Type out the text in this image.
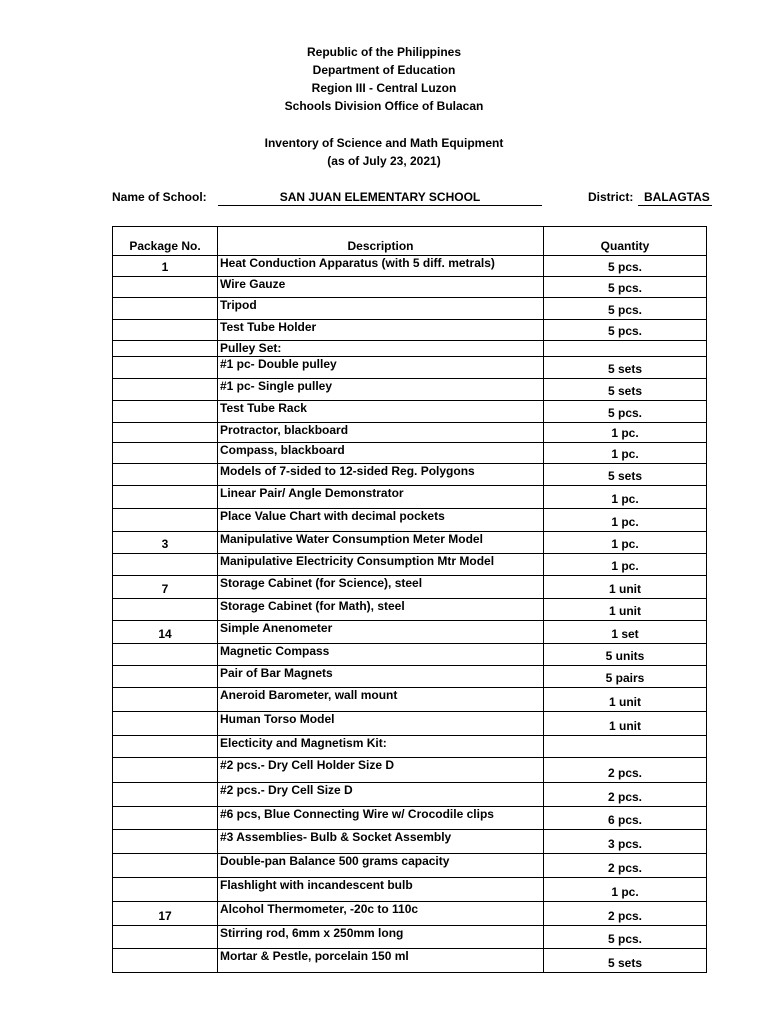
Republic of the Philippines
Department of Education
Region III - Central Luzon
Schools Division Office of Bulacan
Inventory of Science and Math Equipment
(as of July 23, 2021)
Name of School:	SAN JUAN ELEMENTARY SCHOOL	District: BALAGTAS
Package No.	Description	Quantity
1	Heat Conduction Apparatus (with 5 diff. metrals)	5 pcs.
	Wire Gauze	5 pcs.
	Tripod	5 pcs.
	Test Tube Holder	5 pcs.
	Pulley Set:	
	#1 pc- Double pulley	5 sets
	#1 pc- Single pulley	5 sets
	Test Tube Rack	5 pcs.
	Protractor, blackboard	1 pc.
	Compass, blackboard	1 pc.
	Models of 7-sided to 12-sided Reg. Polygons	5 sets
	Linear Pair/ Angle Demonstrator	1 pc.
	Place Value Chart with decimal pockets	1 pc.
3	Manipulative Water Consumption Meter Model	1 pc.
	Manipulative Electricity Consumption Mtr Model	1 pc.
7	Storage Cabinet (for Science), steel	1 unit
	Storage Cabinet (for Math), steel	1 unit
14	Simple Anenometer	1 set
	Magnetic Compass	5 units
	Pair of Bar Magnets	5 pairs
	Aneroid Barometer, wall mount	1 unit
	Human Torso Model	1 unit
	Electicity and Magnetism Kit:	
	#2 pcs.- Dry Cell Holder Size D	2 pcs.
	#2 pcs.- Dry Cell Size D	2 pcs.
	#6 pcs, Blue Connecting Wire w/ Crocodile clips	6 pcs.
	#3 Assemblies- Bulb & Socket Assembly	3 pcs.
	Double-pan Balance 500 grams capacity	2 pcs.
	Flashlight with incandescent bulb	1 pc.
17	Alcohol Thermometer, -20c to 110c	2 pcs.
	Stirring rod, 6mm x 250mm long	5 pcs.
	Mortar & Pestle, porcelain 150 ml	5 sets
